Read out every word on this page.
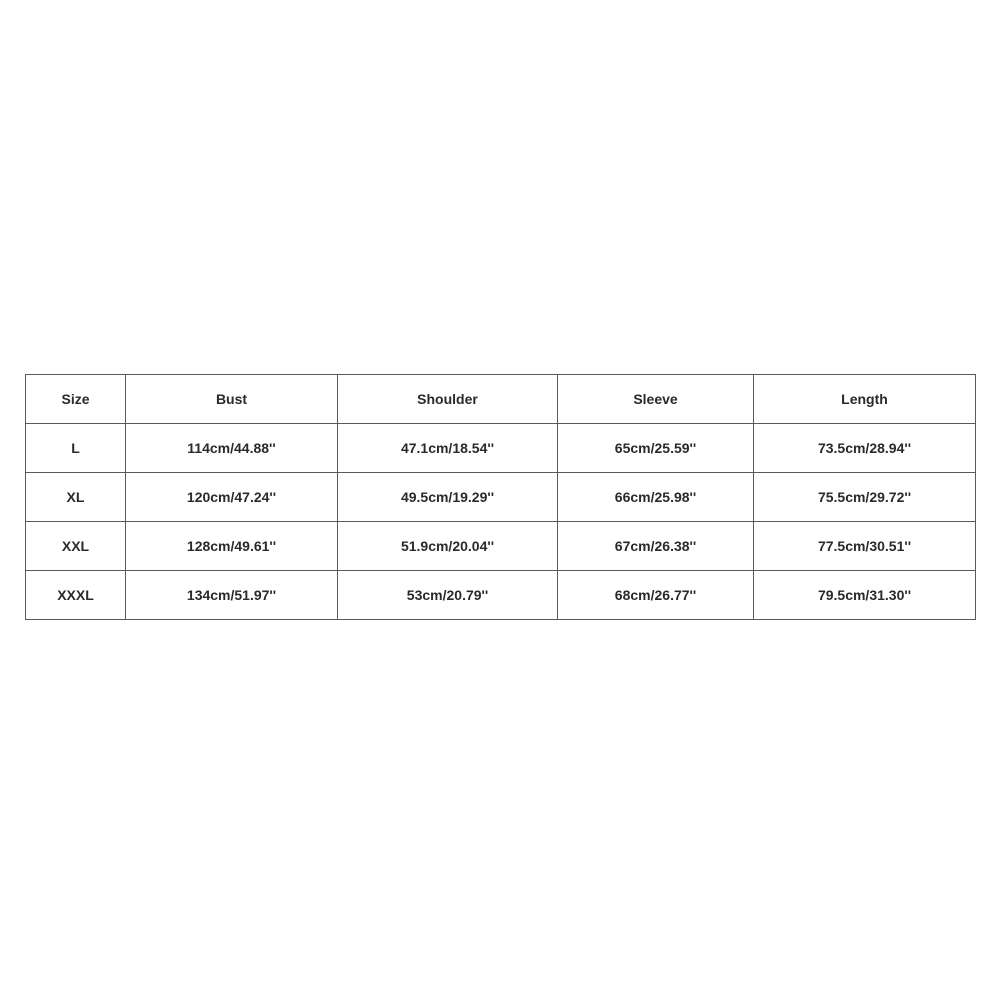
Size	Bust	Shoulder	Sleeve	Length
L	114cm/44.88''	47.1cm/18.54''	65cm/25.59''	73.5cm/28.94''
XL	120cm/47.24''	49.5cm/19.29''	66cm/25.98''	75.5cm/29.72''
XXL	128cm/49.61''	51.9cm/20.04''	67cm/26.38''	77.5cm/30.51''
XXXL	134cm/51.97''	53cm/20.79''	68cm/26.77''	79.5cm/31.30''
